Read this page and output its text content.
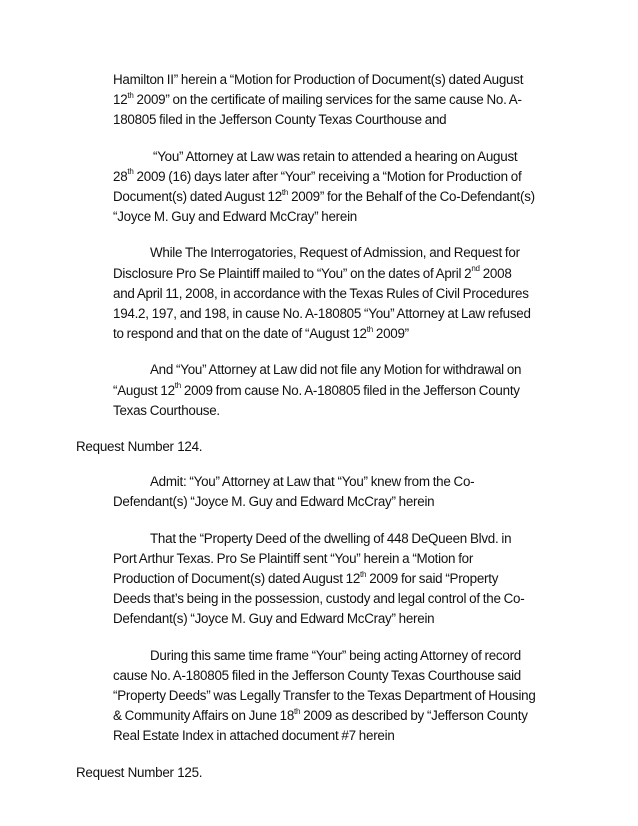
Hamilton II” herein a “Motion for Production of Document(s) dated August
12th 2009” on the certificate of mailing services for the same cause No. A-
180805 filed in the Jefferson County Texas Courthouse and
“You” Attorney at Law was retain to attended a hearing on August
28th 2009 (16) days later after “Your” receiving a “Motion for Production of
Document(s) dated August 12th 2009” for the Behalf of the Co-Defendant(s)
“Joyce M. Guy and Edward McCray” herein
While The Interrogatories, Request of Admission, and Request for
Disclosure Pro Se Plaintiff mailed to “You” on the dates of April 2nd 2008
and April 11, 2008, in accordance with the Texas Rules of Civil Procedures
194.2, 197, and 198, in cause No. A-180805 “You” Attorney at Law refused
to respond and that on the date of “August 12th 2009”
And “You” Attorney at Law did not file any Motion for withdrawal on
“August 12th 2009 from cause No. A-180805 filed in the Jefferson County
Texas Courthouse.
Request Number 124.
Admit: “You” Attorney at Law that “You” knew from the Co-
Defendant(s) “Joyce M. Guy and Edward McCray” herein
That the “Property Deed of the dwelling of 448 DeQueen Blvd. in
Port Arthur Texas. Pro Se Plaintiff sent “You” herein a “Motion for
Production of Document(s) dated August 12th 2009 for said “Property
Deeds that’s being in the possession, custody and legal control of the Co-
Defendant(s) “Joyce M. Guy and Edward McCray” herein
During this same time frame “Your” being acting Attorney of record
cause No. A-180805 filed in the Jefferson County Texas Courthouse said
“Property Deeds” was Legally Transfer to the Texas Department of Housing
& Community Affairs on June 18th 2009 as described by “Jefferson County
Real Estate Index in attached document #7 herein
Request Number 125.
